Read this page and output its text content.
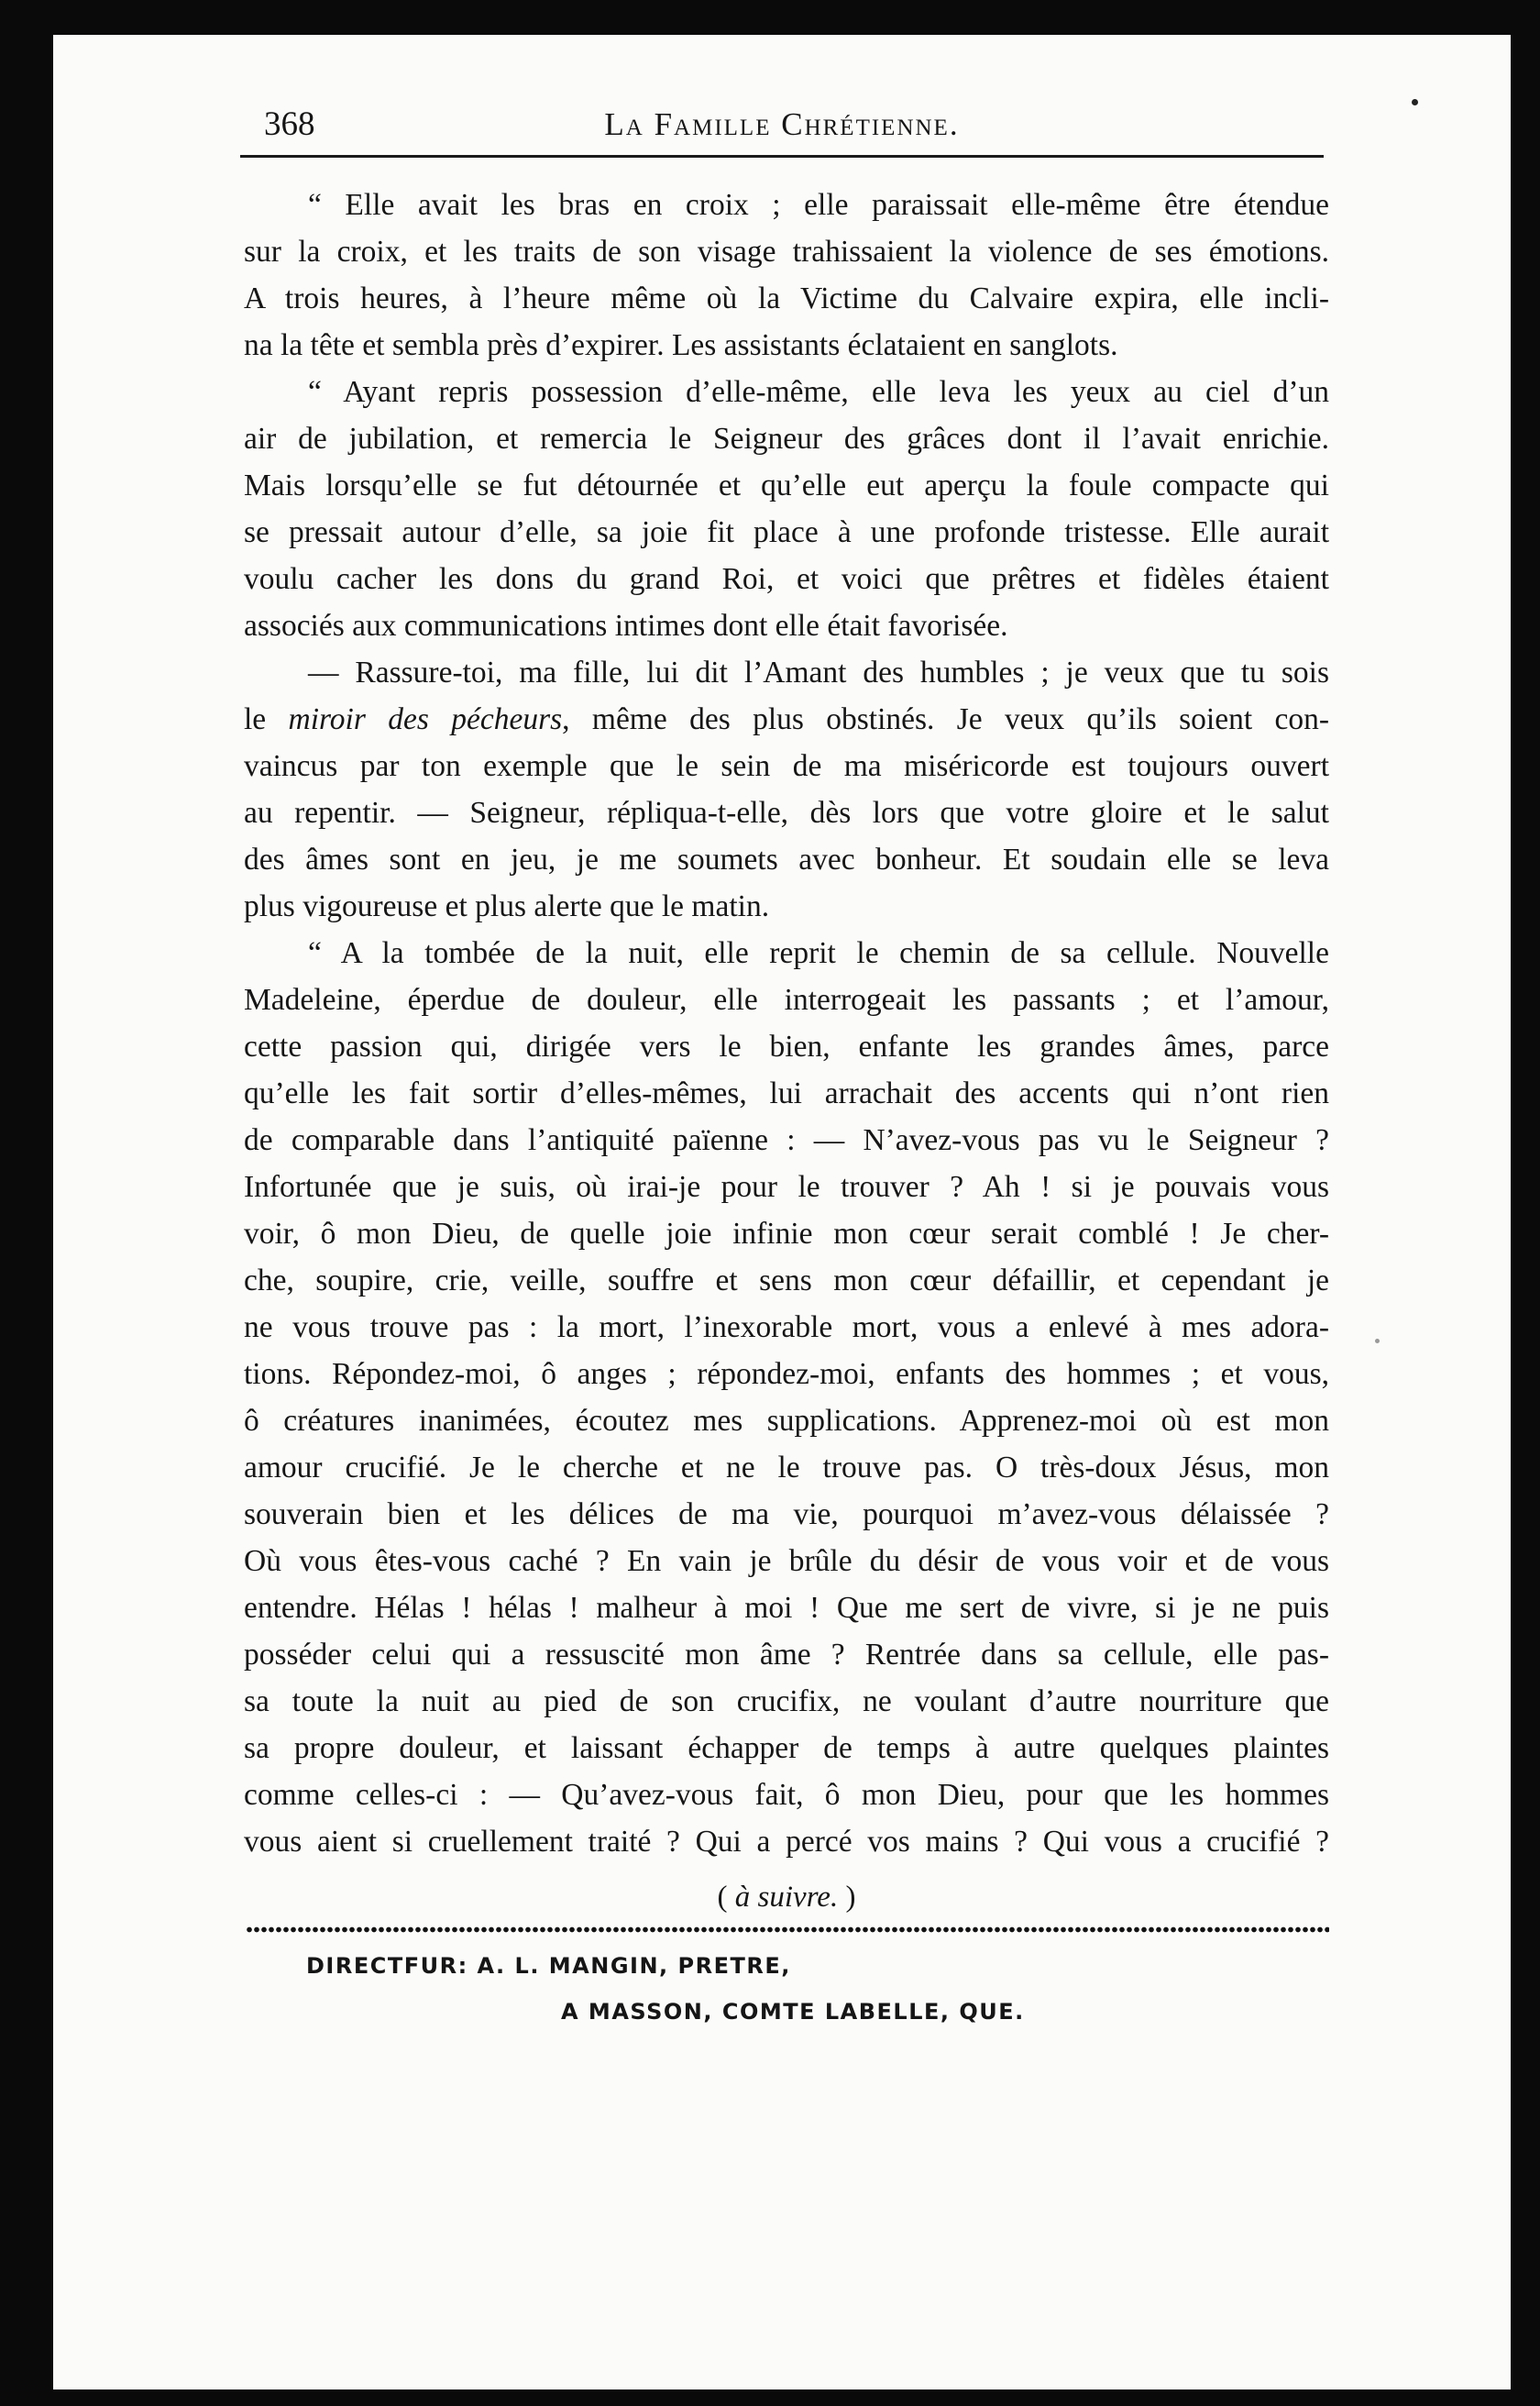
368	La Famille Chrétienne.

“ Elle avait les bras en croix ; elle paraissait elle-même être étendue

sur la croix, et les traits de son visage trahissaient la violence de ses émotions.

A trois heures, à l’heure même où la Victime du Calvaire expira, elle incli-

na la tête et sembla près d’expirer. Les assistants éclataient en sanglots.

“ Ayant repris possession d’elle-même, elle leva les yeux au ciel d’un

air de jubilation, et remercia le Seigneur des grâces dont il l’avait enrichie.

Mais lorsqu’elle se fut détournée et qu’elle eut aperçu la foule compacte qui

se pressait autour d’elle, sa joie fit place à une profonde tristesse. Elle aurait

voulu cacher les dons du grand Roi, et voici que prêtres et fidèles étaient

associés aux communications intimes dont elle était favorisée.

— Rassure-toi, ma fille, lui dit l’Amant des humbles ; je veux que tu sois

le miroir des pécheurs, même des plus obstinés. Je veux qu’ils soient con-

vaincus par ton exemple que le sein de ma miséricorde est toujours ouvert

au repentir. — Seigneur, répliqua-t-elle, dès lors que votre gloire et le salut

des âmes sont en jeu, je me soumets avec bonheur. Et soudain elle se leva

plus vigoureuse et plus alerte que le matin.

“ A la tombée de la nuit, elle reprit le chemin de sa cellule. Nouvelle

Madeleine, éperdue de douleur, elle interrogeait les passants ; et l’amour,

cette passion qui, dirigée vers le bien, enfante les grandes âmes, parce

qu’elle les fait sortir d’elles-mêmes, lui arrachait des accents qui n’ont rien

de comparable dans l’antiquité païenne : — N’avez-vous pas vu le Seigneur ?

Infortunée que je suis, où irai-je pour le trouver ? Ah ! si je pouvais vous

voir, ô mon Dieu, de quelle joie infinie mon cœur serait comblé ! Je cher-

che, soupire, crie, veille, souffre et sens mon cœur défaillir, et cependant je

ne vous trouve pas : la mort, l’inexorable mort, vous a enlevé à mes adora-

tions. Répondez-moi, ô anges ; répondez-moi, enfants des hommes ; et vous,

ô créatures inanimées, écoutez mes supplications. Apprenez-moi où est mon

amour crucifié. Je le cherche et ne le trouve pas. O très-doux Jésus, mon

souverain bien et les délices de ma vie, pourquoi m’avez-vous délaissée ?

Où vous êtes-vous caché ? En vain je brûle du désir de vous voir et de vous

entendre. Hélas ! hélas ! malheur à moi ! Que me sert de vivre, si je ne puis

posséder celui qui a ressuscité mon âme ? Rentrée dans sa cellule, elle pas-

sa toute la nuit au pied de son crucifix, ne voulant d’autre nourriture que

sa propre douleur, et laissant échapper de temps à autre quelques plaintes

comme celles-ci : — Qu’avez-vous fait, ô mon Dieu, pour que les hommes

vous aient si cruellement traité ? Qui a percé vos mains ? Qui vous a crucifié ?

( à suivre. )
DIRECTFUR: A. L. MANGIN, PRETRE,
A MASSON, COMTE LABELLE, QUE.
